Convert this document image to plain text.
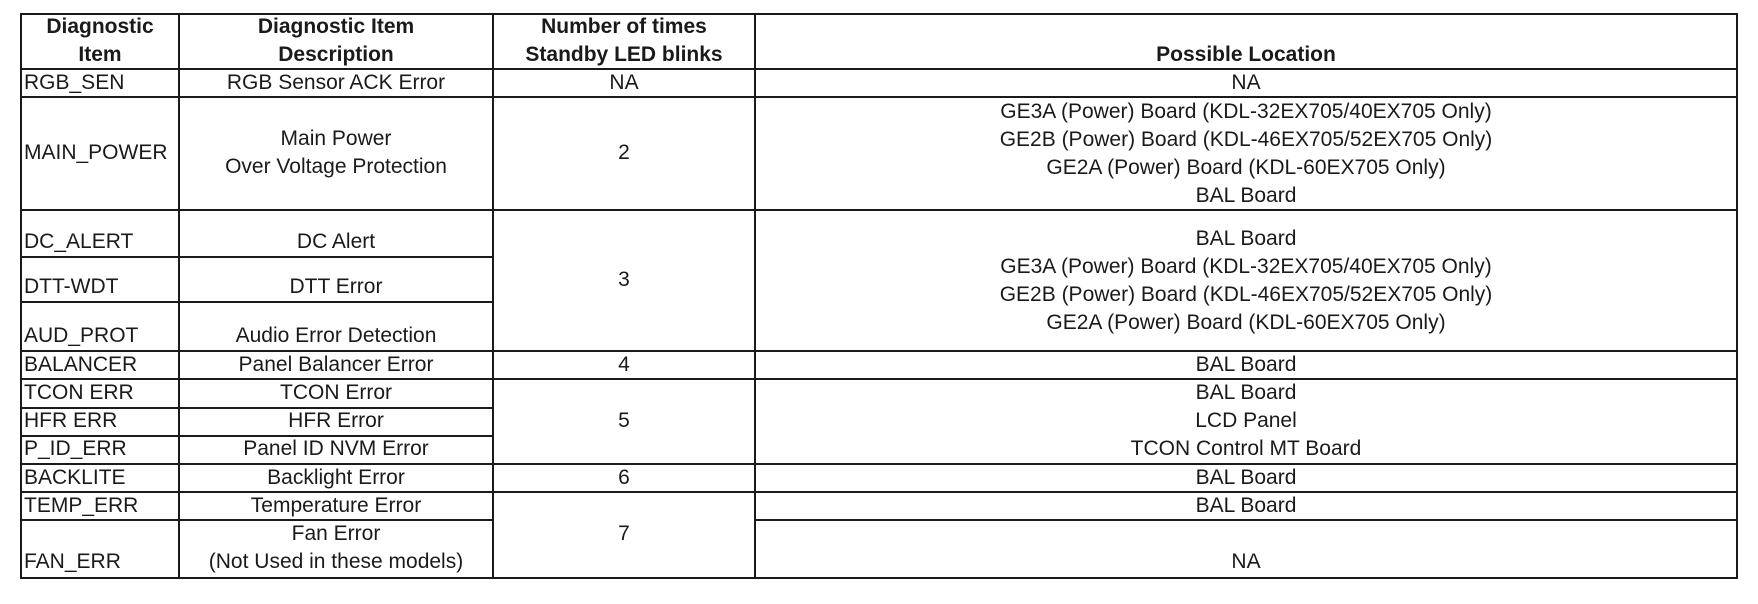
Diagnostic
Item
Diagnostic Item
Description
Number of times
Standby LED blinks	Possible Location
RGB_SEN
MAIN_POWER
DC_ALERT
DTT-WDT
AUD_PROT
BALANCER
TCON ERR
HFR ERR
P_ID_ERR
BACKLITE
TEMP_ERR
FAN_ERR
RGB Sensor ACK Error
Main Power
Over Voltage Protection
DC Alert
DTT Error
Audio Error Detection
Panel Balancer Error
TCON Error
HFR Error
Panel ID NVM Error
Backlight Error
Temperature Error
Fan Error
(Not Used in these models)
NA
2
3
4
5
6
7
NA
GE3A (Power) Board (KDL-32EX705/40EX705 Only)
GE2B (Power) Board (KDL-46EX705/52EX705 Only)
GE2A (Power) Board (KDL-60EX705 Only)
BAL Board
BAL Board
GE3A (Power) Board (KDL-32EX705/40EX705 Only)
GE2B (Power) Board (KDL-46EX705/52EX705 Only)
GE2A (Power) Board (KDL-60EX705 Only)
BAL Board
BAL Board
LCD Panel
TCON Control MT Board
BAL Board
BAL Board
NA
